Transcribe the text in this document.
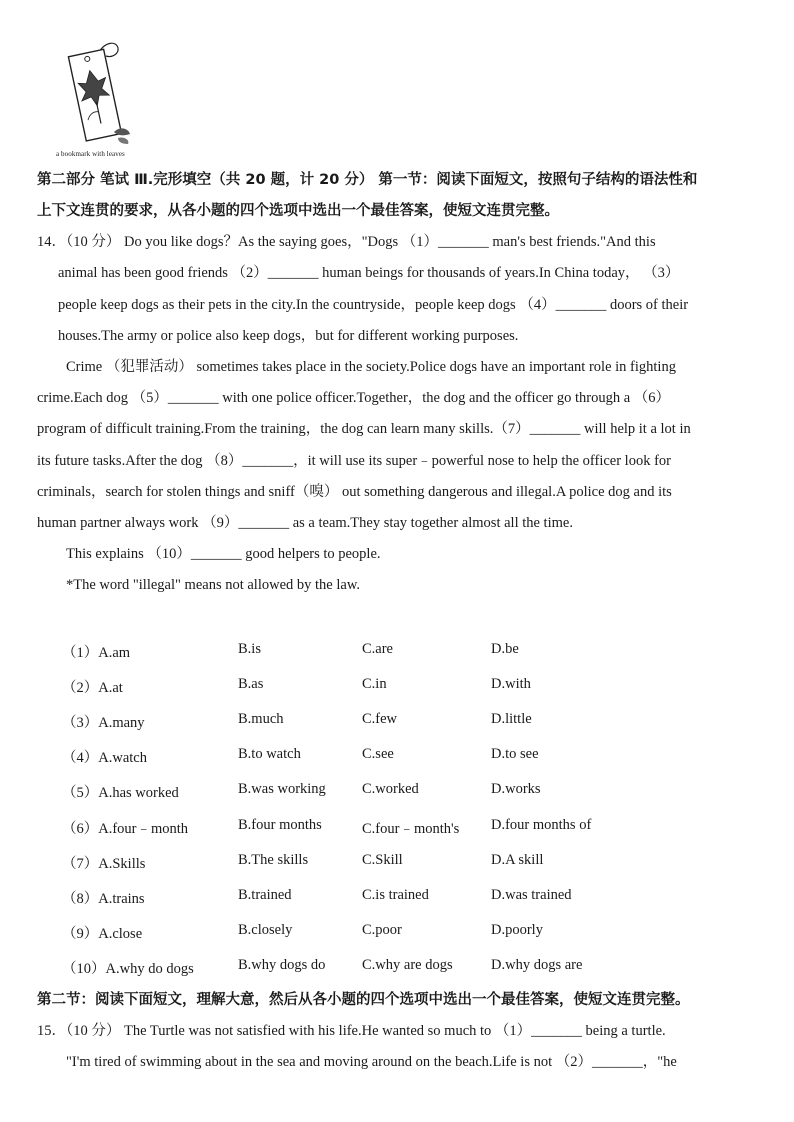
a bookmark with leaves
第二部分 笔试 Ⅲ.完形填空（共 20 题，计 20 分） 第一节：阅读下面短文，按照句子结构的语法性和
上下文连贯的要求，从各小题的四个选项中选出一个最佳答案，使短文连贯完整。
14．（10 分） Do you like dogs？As the saying goes，"Dogs （1）_______ man's best friends."And this
animal has been good friends （2）_______ human beings for thousands of years.In China today， （3）
people keep dogs as their pets in the city.In the countryside，people keep dogs （4）_______ doors of their
houses.The army or police also keep dogs，but for different working purposes.
Crime （犯罪活动） sometimes takes place in the society.Police dogs have an important role in fighting
crime.Each dog （5）_______ with one police officer.Together，the dog and the officer go through a （6）
program of difficult training.From the training，the dog can learn many skills.（7）_______ will help it a lot in
its future tasks.After the dog （8）_______，it will use its super﹣powerful nose to help the officer look for
criminals，search for stolen things and sniff（嗅） out something dangerous and illegal.A police dog and its
human partner always work （9）_______ as a team.They stay together almost all the time.
This explains （10）_______ good helpers to people.
*The word "illegal" means not allowed by the law.
（1）A.am	B.is	C.are	D.be
（2）A.at	B.as	C.in	D.with
（3）A.many	B.much	C.few	D.little
（4）A.watch	B.to watch	C.see	D.to see
（5）A.has worked	B.was working C.worked	D.works
（6）A.four﹣month	B.four months	C.four﹣month's D.four months of
（7）A.Skills	B.The skills	C.Skill	D.A skill
（8）A.trains	B.trained	C.is trained	D.was trained
（9）A.close	B.closely	C.poor	D.poorly
（10）A.why do dogs	B.why dogs do	C.why are dogs	D.why dogs are
第二节：阅读下面短文，理解大意，然后从各小题的四个选项中选出一个最佳答案，使短文连贯完整。
15．（10 分） The Turtle was not satisfied with his life.He wanted so much to （1）_______ being a turtle.
"I'm tired of swimming about in the sea and moving around on the beach.Life is not （2）_______，"he
